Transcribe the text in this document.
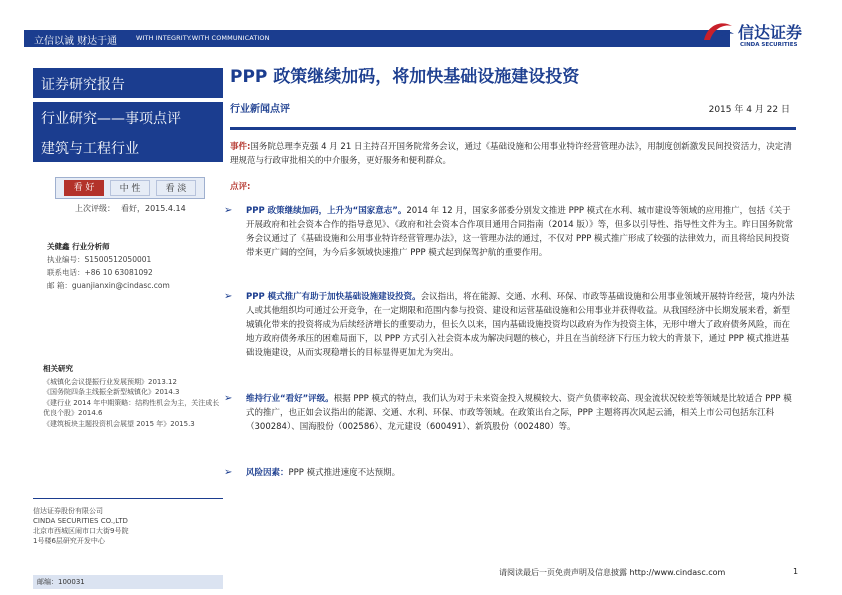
立信以诚 财达于通	WITH INTEGRITY.WITH COMMUNICATION	信达证券
CINDA SECURITIES
证券研究报告
行业研究——事项点评
建筑与工程行业
看 好	中 性	看 淡
上次评级： 看好，2015.4.14
关健鑫 行业分析师
执业编号：S1500512050001
联系电话：+86 10 63081092
邮 箱：guanjianxin@cindasc.com
相关研究
《城镇化会议提振行业发展预期》2013.12
《国务院四条主线振全新型城镇化》2014.3
《建行业 2014 年中期策略：结构性机会为主，关注成长优良个股》2014.6
《建筑板块主题投资机会展望 2015 年》2015.3
信达证券股份有限公司
CINDA SECURITIES CO.,LTD
北京市西城区闹市口大街9号院
1号楼6层研究开发中心
邮编：100031
PPP 政策继续加码，将加快基础设施建设投资
行业新闻点评	2015 年 4 月 22 日
事件:国务院总理李克强 4 月 21 日主持召开国务院常务会议，通过《基础设施和公用事业特许经营管理办法》，用制度创新激发民间投资活力，决定清理规范与行政审批相关的中介服务，更好服务和便利群众。
点评:
➢	PPP 政策继续加码，上升为“国家意志”。2014 年 12 月，国家多部委分别发文推进 PPP 模式在水利、城市建设等领域的应用推广，包括《关于开展政府和社会资本合作的指导意见》、《政府和社会资本合作项目通用合同指南（2014 版）》等，但多以引导性、指导性文件为主。昨日国务院常务会议通过了《基础设施和公用事业特许经营管理办法》，这一管理办法的通过，不仅对 PPP 模式推广形成了较强的法律效力，而且将给民间投资带来更广阔的空间，为今后多领域快速推广 PPP 模式起到保驾护航的重要作用。
➢	PPP 模式推广有助于加快基础设施建设投资。会议指出，将在能源、交通、水利、环保、市政等基础设施和公用事业领域开展特许经营，境内外法人或其他组织均可通过公开竞争，在一定期限和范围内参与投资、建设和运营基础设施和公用事业并获得收益。从我国经济中长期发展来看，新型城镇化带来的投资将成为后续经济增长的重要动力，但长久以来，国内基础设施投资均以政府为作为投资主体，无形中增大了政府债务风险，而在地方政府债务承压的困难局面下，以 PPP 方式引入社会资本成为解决问题的核心，并且在当前经济下行压力较大的背景下，通过 PPP 模式推进基础设施建设，从而实现稳增长的目标显得更加尤为突出。
➢	维持行业“看好”评级。根据 PPP 模式的特点，我们认为对于未来资金投入规模较大、资产负债率较高、现金流状况较差等领域是比较适合 PPP 模式的推广，也正如会议指出的能源、交通、水利、环保、市政等领域。在政策出台之际，PPP 主题将再次风起云涌，相关上市公司包括东江科（300284）、国海股份（002586）、龙元建设（600491）、新筑股份（002480）等。
➢	风险因素：PPP 模式推进速度不达预期。
请阅读最后一页免责声明及信息披露 http://www.cindasc.com	1
